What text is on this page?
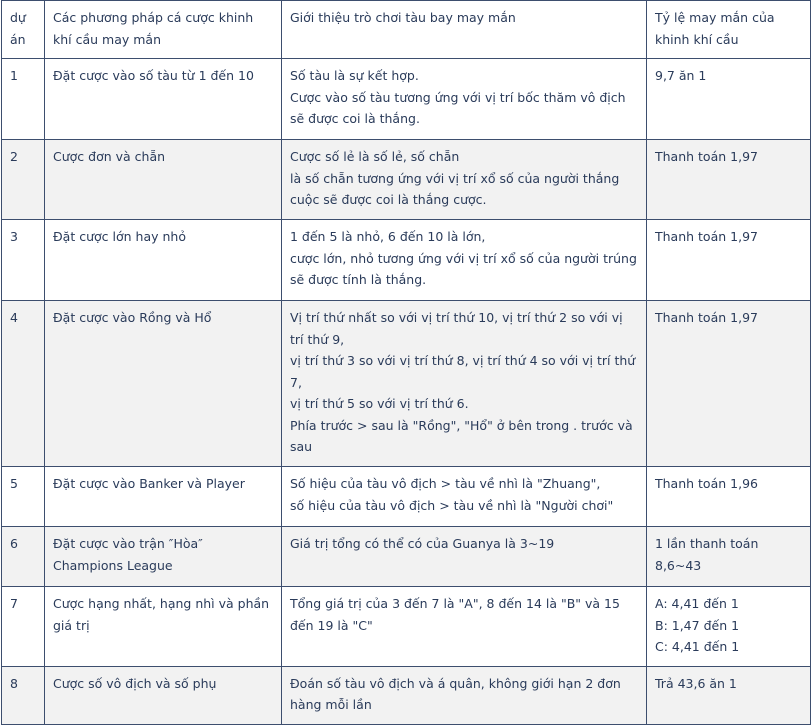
dự án	Các phương pháp cá cược khinh khí cầu may mắn	Giới thiệu trò chơi tàu bay may mắn	Tỷ lệ may mắn của khinh khí cầu
1	Đặt cược vào số tàu từ 1 đến 10	Số tàu là sự kết hợp.
Cược vào số tàu tương ứng với vị trí bốc thăm vô địch sẽ được coi là thắng.	9,7 ăn 1

2	Cược đơn và chẵn	Cược số lẻ là số lẻ, số chẵn
là số chẵn tương ứng với vị trí xổ số của người thắng cuộc sẽ được coi là thắng cược.	Thanh toán 1,97

3	Đặt cược lớn hay nhỏ	1 đến 5 là nhỏ, 6 đến 10 là lớn,
cược lớn, nhỏ tương ứng với vị trí xổ số của người trúng sẽ được tính là thắng.	Thanh toán 1,97

4	Đặt cược vào Rồng và Hổ	Vị trí thứ nhất so với vị trí thứ 10, vị trí thứ 2 so với vị trí thứ 9,
vị trí thứ 3 so với vị trí thứ 8, vị trí thứ 4 so với vị trí thứ 7,
vị trí thứ 5 so với vị trí thứ 6.
Phía trước > sau là "Rồng", "Hổ" ở bên trong . trước và sau	Thanh toán 1,97

5	Đặt cược vào Banker và Player	Số hiệu của tàu vô địch > tàu về nhì là "Zhuang",
số hiệu của tàu vô địch > tàu về nhì là "Người chơi"	Thanh toán 1,96

6	Đặt cược vào trận ″Hòa″ Champions League	Giá trị tổng có thể có của Guanya là 3~19	1 lần thanh toán 8,6~43

7	Cược hạng nhất, hạng nhì và phần giá trị	Tổng giá trị của 3 đến 7 là "A", 8 đến 14 là "B" và 15 đến 19 là "C"	A: 4,41 đến 1
B: 1,47 đến 1
C: 4,41 đến 1

8	Cược số vô địch và số phụ	Đoán số tàu vô địch và á quân, không giới hạn 2 đơn hàng mỗi lần	Trả 43,6 ăn 1
